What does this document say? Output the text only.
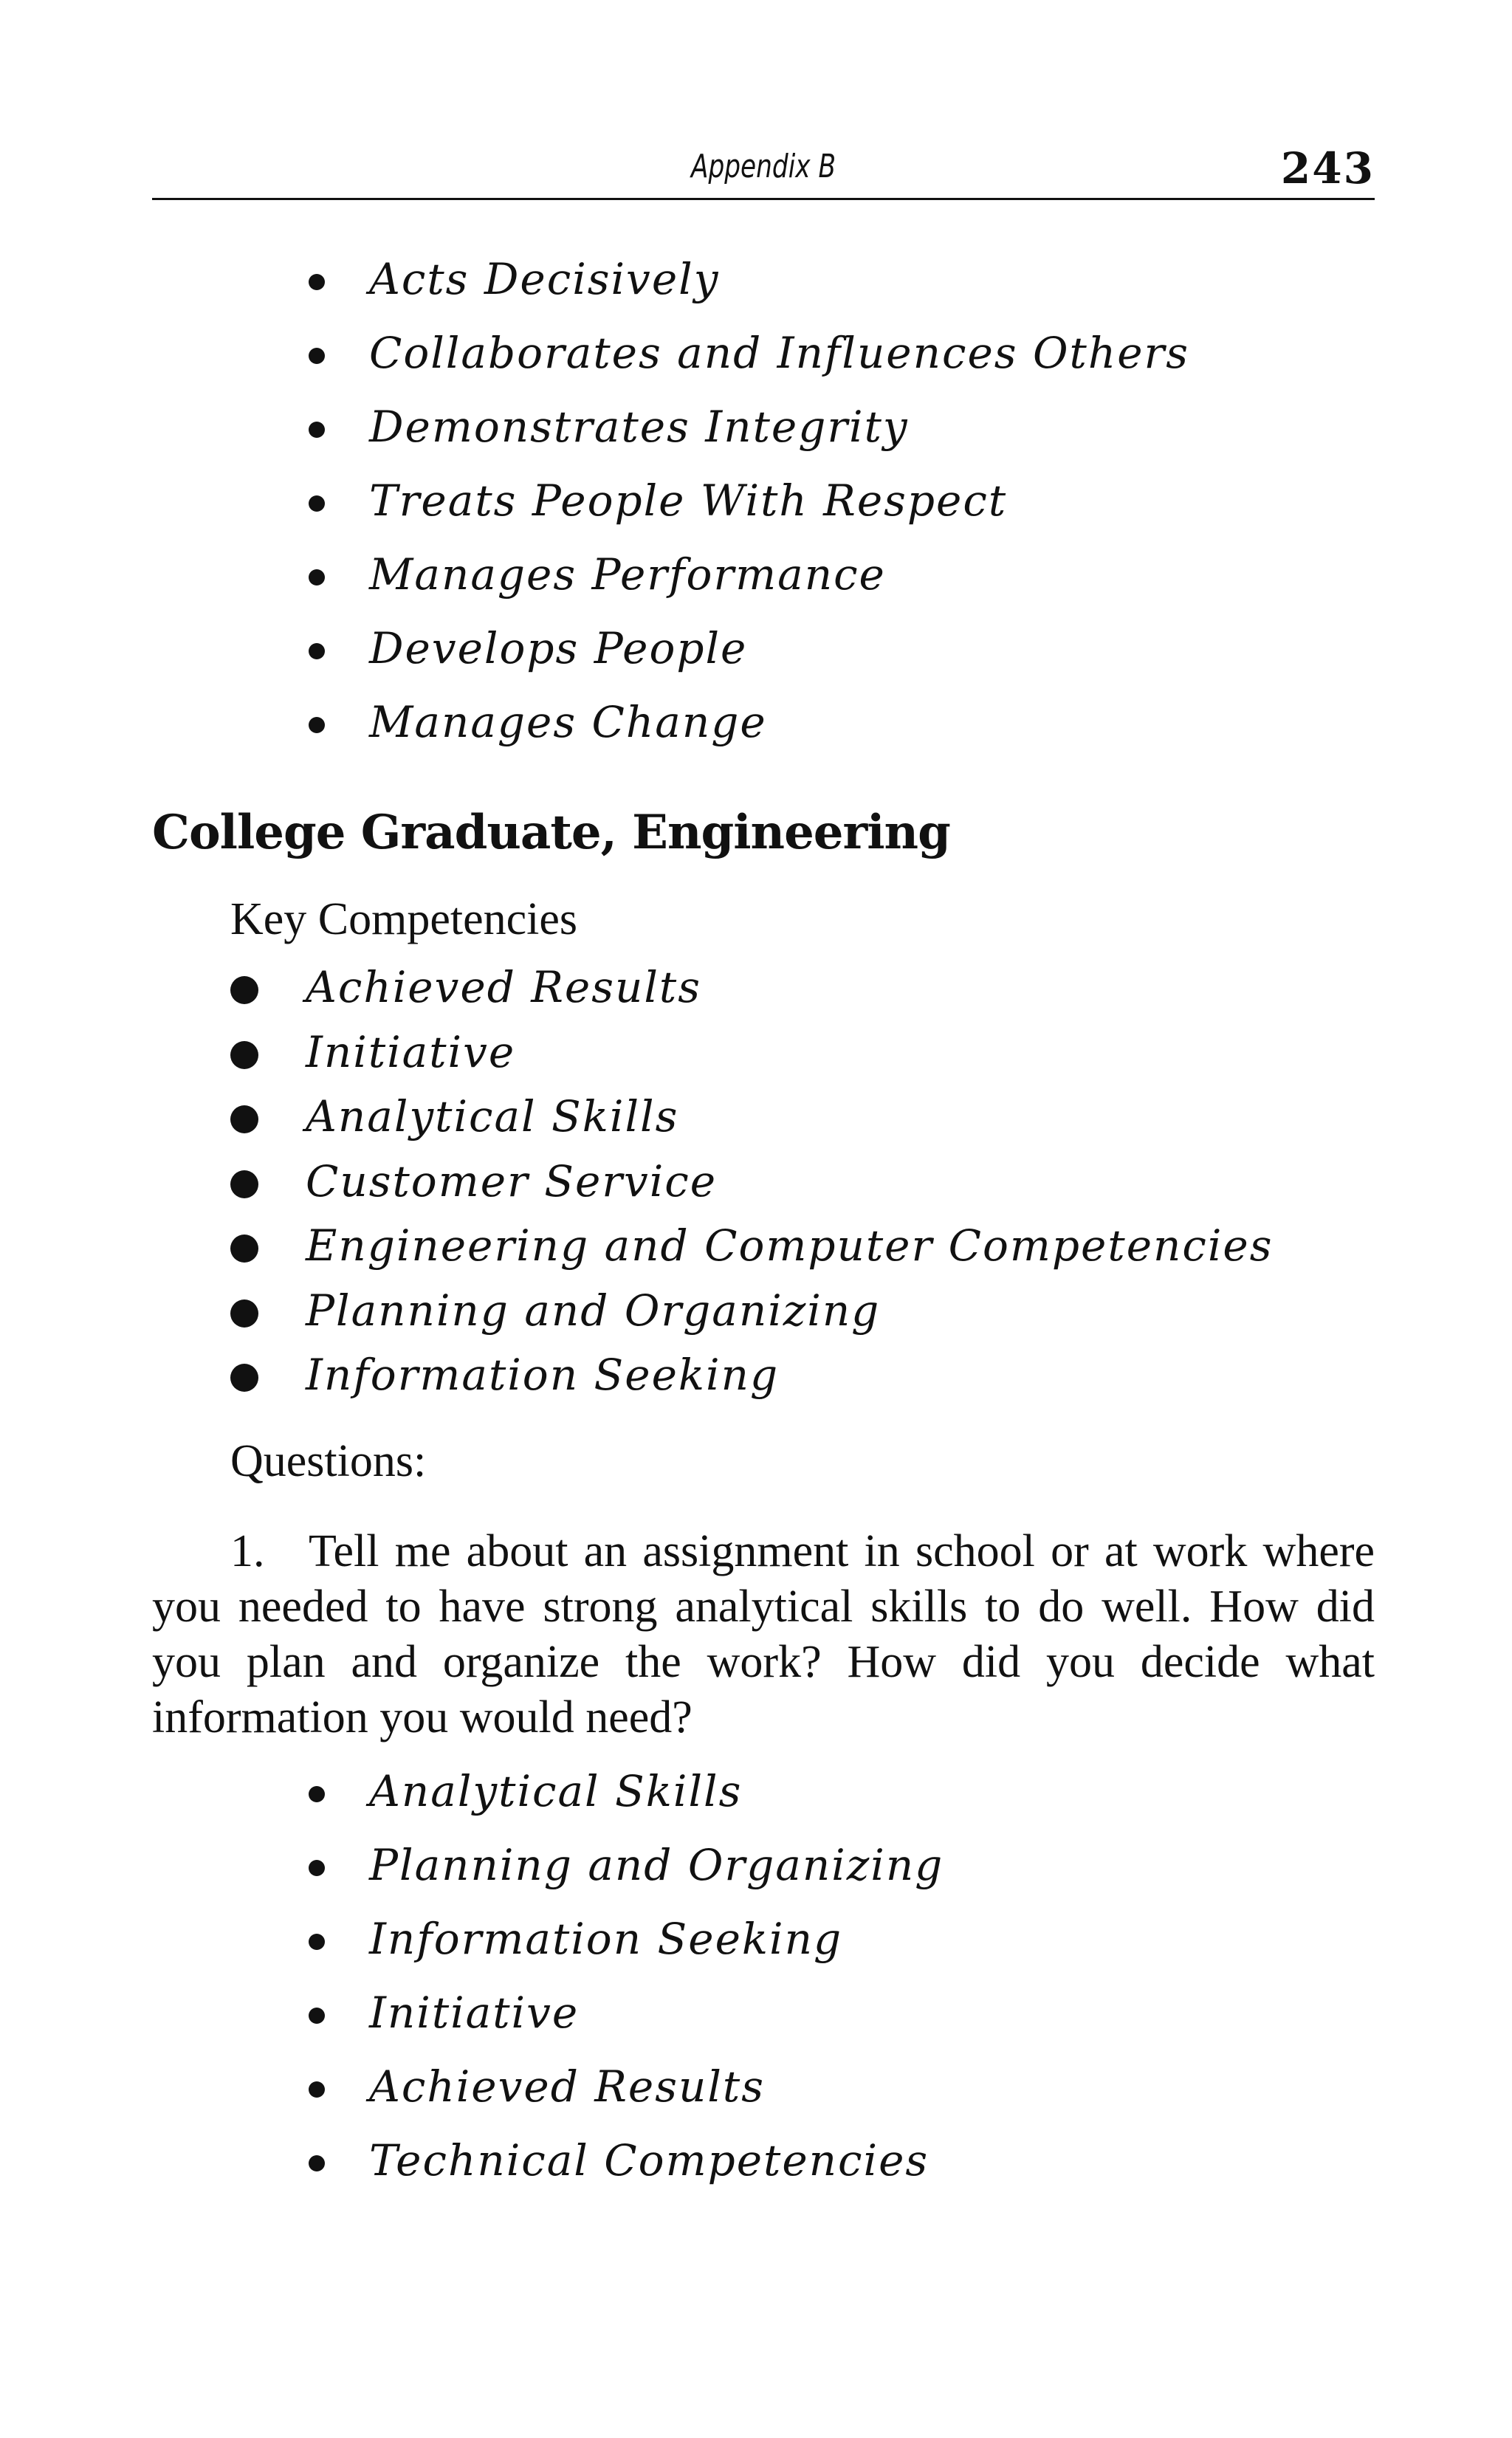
Appendix B	243
Acts Decisively
Collaborates and Influences Others
Demonstrates Integrity
Treats People With Respect
Manages Performance
Develops People
Manages Change
College Graduate, Engineering
Key Competencies
Achieved Results
Initiative
Analytical Skills
Customer Service
Engineering and Computer Competencies
Planning and Organizing
Information Seeking
Questions:
1. Tell me about an assignment in school or at work where you needed to have strong analytical skills to do well. How did you plan and organize the work? How did you decide what information you would need?
Analytical Skills
Planning and Organizing
Information Seeking
Initiative
Achieved Results
Technical Competencies
